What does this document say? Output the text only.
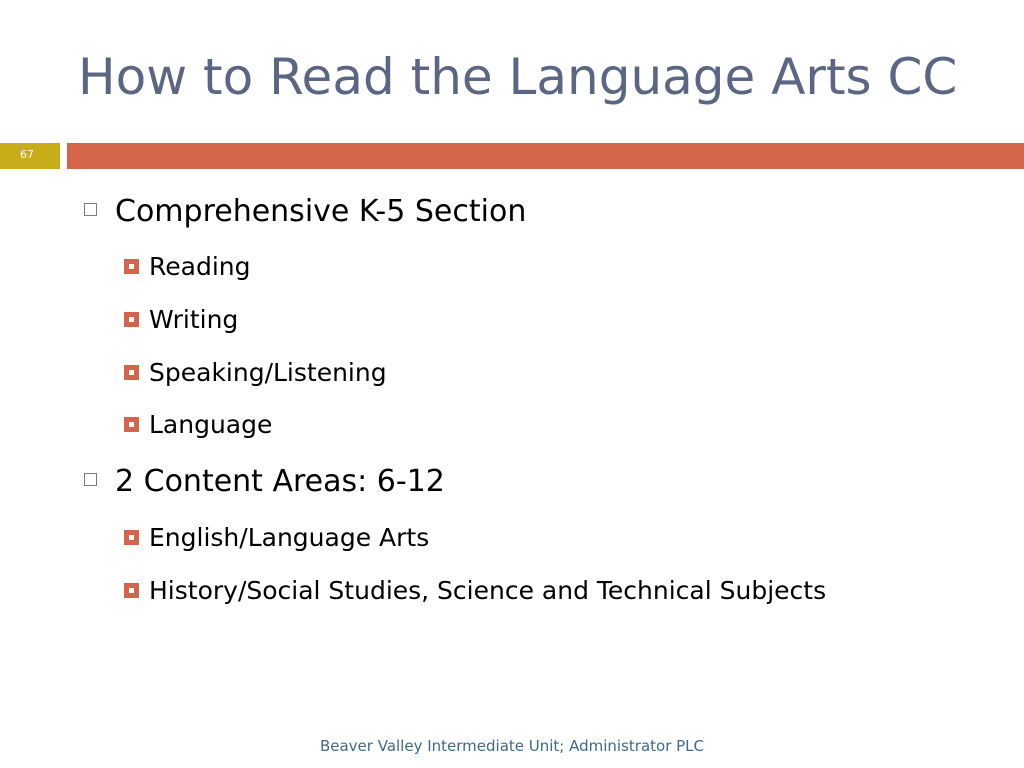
How to Read the Language Arts CC
67
Comprehensive K-5 Section
Reading
Writing
Speaking/Listening
Language
2 Content Areas: 6-12
English/Language Arts
History/Social Studies, Science and Technical Subjects
Beaver Valley Intermediate Unit; Administrator PLC
